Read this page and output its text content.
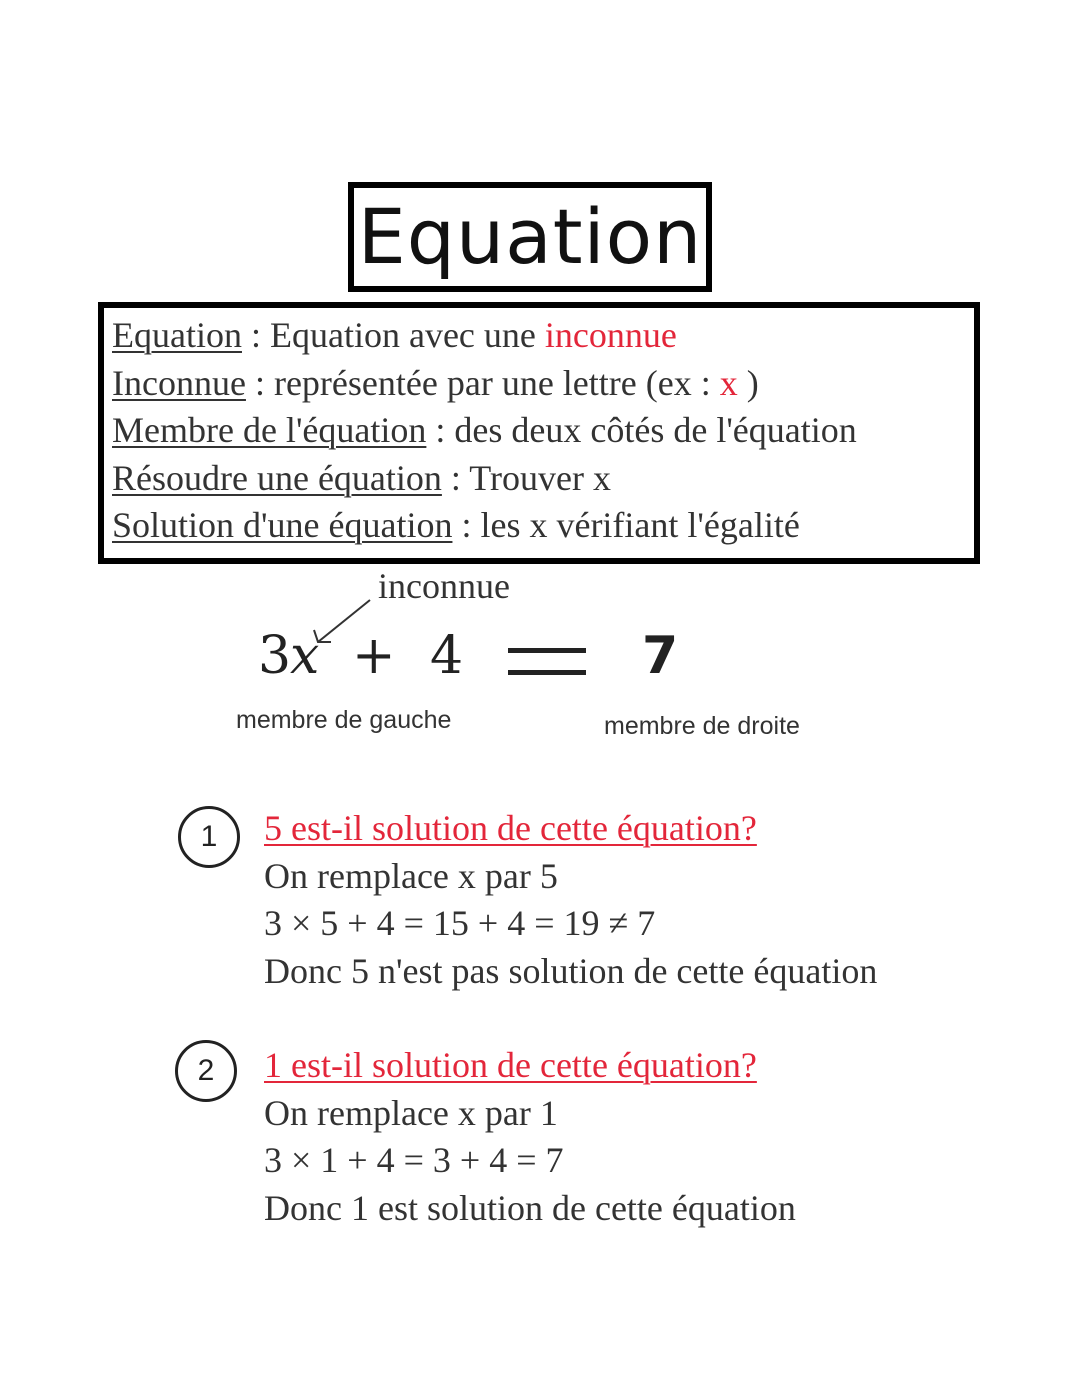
Equation
Equation : Equation avec une inconnue
Inconnue : représentée par une lettre (ex : x )
Membre de l'équation : des deux côtés de l'équation
Résoudre une équation : Trouver x
Solution d'une équation : les x vérifiant l'égalité
inconnue
3
x + 4	7
membre de gauche	membre de droite
1 5 est-il solution de cette équation?
On remplace x par 5
3 × 5 + 4 = 15 + 4 = 19 ≠ 7
Donc 5 n'est pas solution de cette équation
2 1 est-il solution de cette équation?
On remplace x par 1
3 × 1 + 4 = 3 + 4 = 7
Donc 1 est solution de cette équation
